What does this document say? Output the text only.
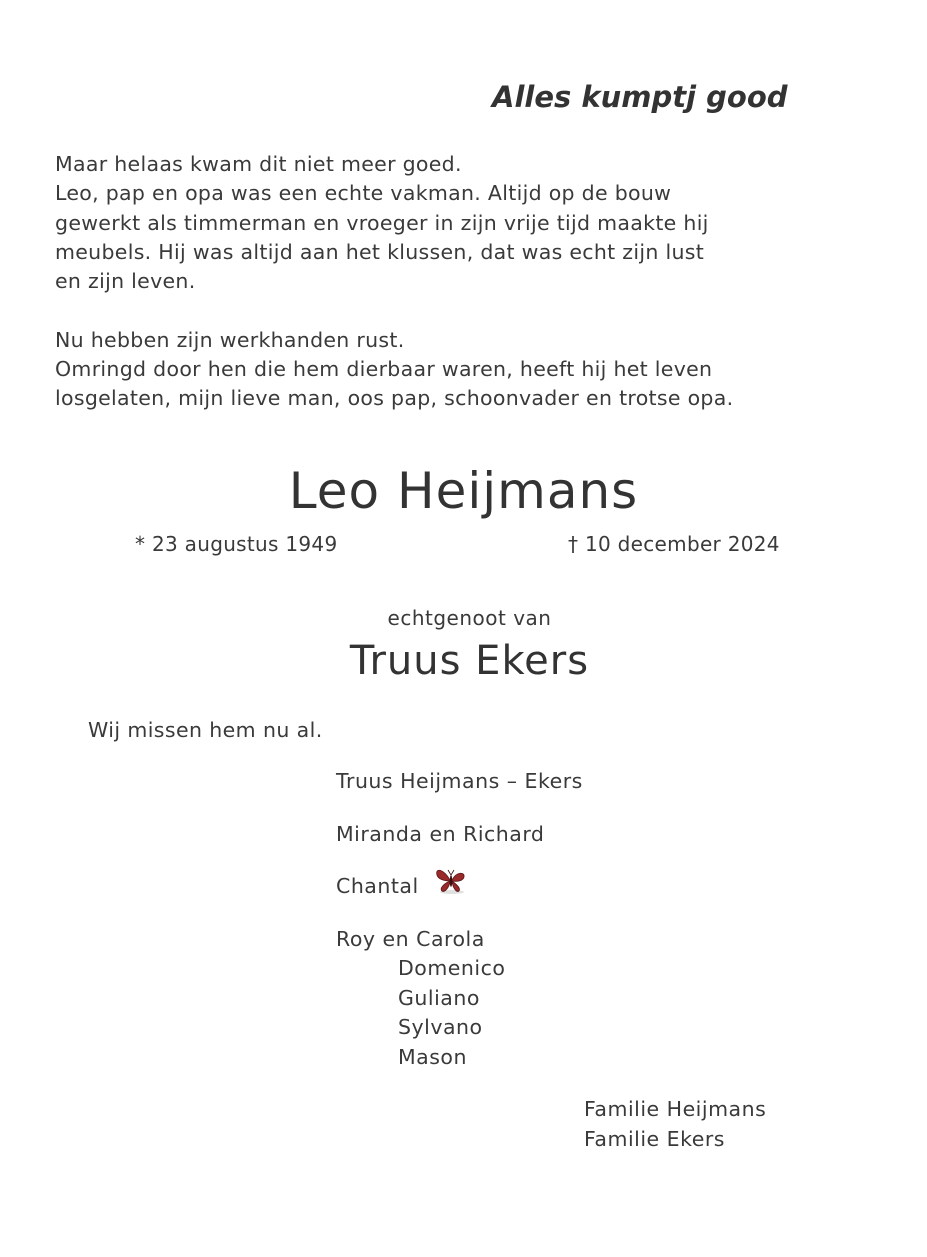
Alles kumptj good
Maar helaas kwam dit niet meer goed.
Leo, pap en opa was een echte vakman. Altijd op de bouw
gewerkt als timmerman en vroeger in zijn vrije tijd maakte hij
meubels. Hij was altijd aan het klussen, dat was echt zijn lust
en zijn leven.
Nu hebben zijn werkhanden rust.
Omringd door hen die hem dierbaar waren, heeft hij het leven
losgelaten, mijn lieve man, oos pap, schoonvader en trotse opa.
Leo Heijmans
* 23 augustus 1949	† 10 december 2024
echtgenoot van
Truus Ekers
Wij missen hem nu al.
Truus Heijmans – Ekers
Miranda en Richard
Chantal
Roy en Carola
Domenico
Guliano
Sylvano
Mason
Familie Heijmans
Familie Ekers
